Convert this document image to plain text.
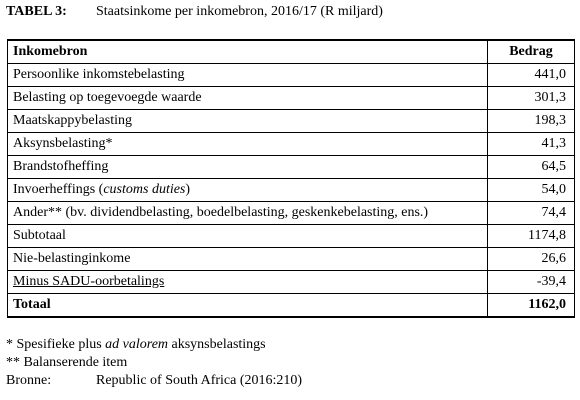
TABEL 3: Staatsinkome per inkomebron, 2016/17 (R miljard)
Inkomebron	Bedrag
Persoonlike inkomstebelasting	441,0
Belasting op toegevoegde waarde	301,3
Maatskappybelasting	198,3
Aksynsbelasting*	41,3
Brandstofheffing	64,5
Invoerheffings (customs duties)	54,0
Ander** (bv. dividendbelasting, boedelbelasting, geskenkebelasting, ens.)	74,4
Subtotaal	1174,8
Nie-belastinginkome	26,6
Minus SADU-oorbetalings	-39,4
Totaal	1162,0
* Spesifieke plus ad valorem aksynsbelastings
** Balanserende item
Bronne:	Republic of South Africa (2016:210)
